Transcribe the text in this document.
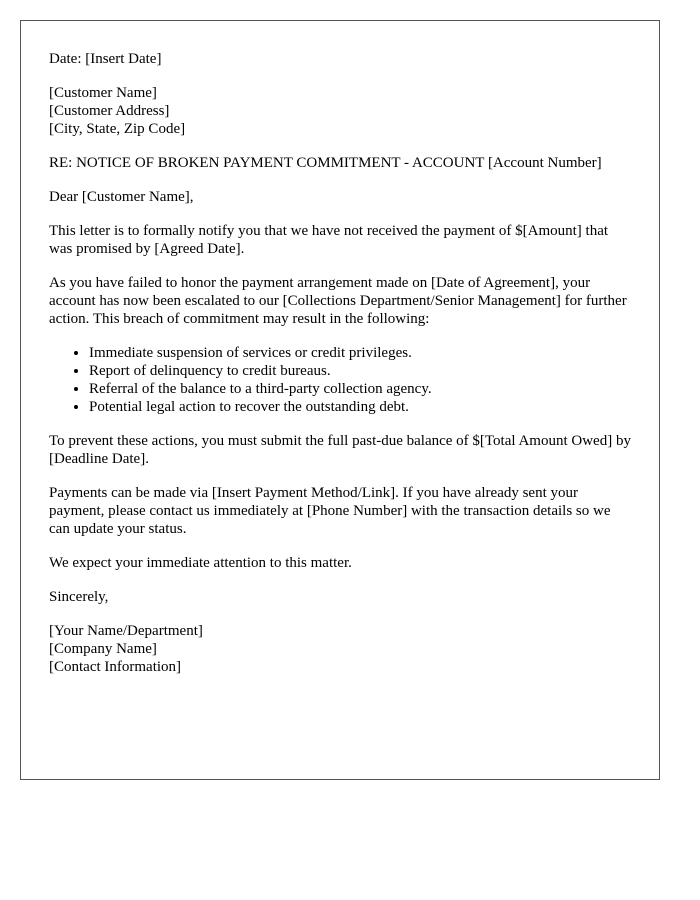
Date: [Insert Date]

[Customer Name]
[Customer Address]
[City, State, Zip Code]

RE: NOTICE OF BROKEN PAYMENT COMMITMENT - ACCOUNT [Account Number]

Dear [Customer Name],

This letter is to formally notify you that we have not received the payment of $[Amount] that was promised by [Agreed Date].

As you have failed to honor the payment arrangement made on [Date of Agreement], your account has now been escalated to our [Collections Department/Senior Management] for further action. This breach of commitment may result in the following:

• Immediate suspension of services or credit privileges.
• Report of delinquency to credit bureaus.
• Referral of the balance to a third-party collection agency.
• Potential legal action to recover the outstanding debt.

To prevent these actions, you must submit the full past-due balance of $[Total Amount Owed] by [Deadline Date].

Payments can be made via [Insert Payment Method/Link]. If you have already sent your payment, please contact us immediately at [Phone Number] with the transaction details so we can update your status.

We expect your immediate attention to this matter.

Sincerely,

[Your Name/Department]
[Company Name]
[Contact Information]
